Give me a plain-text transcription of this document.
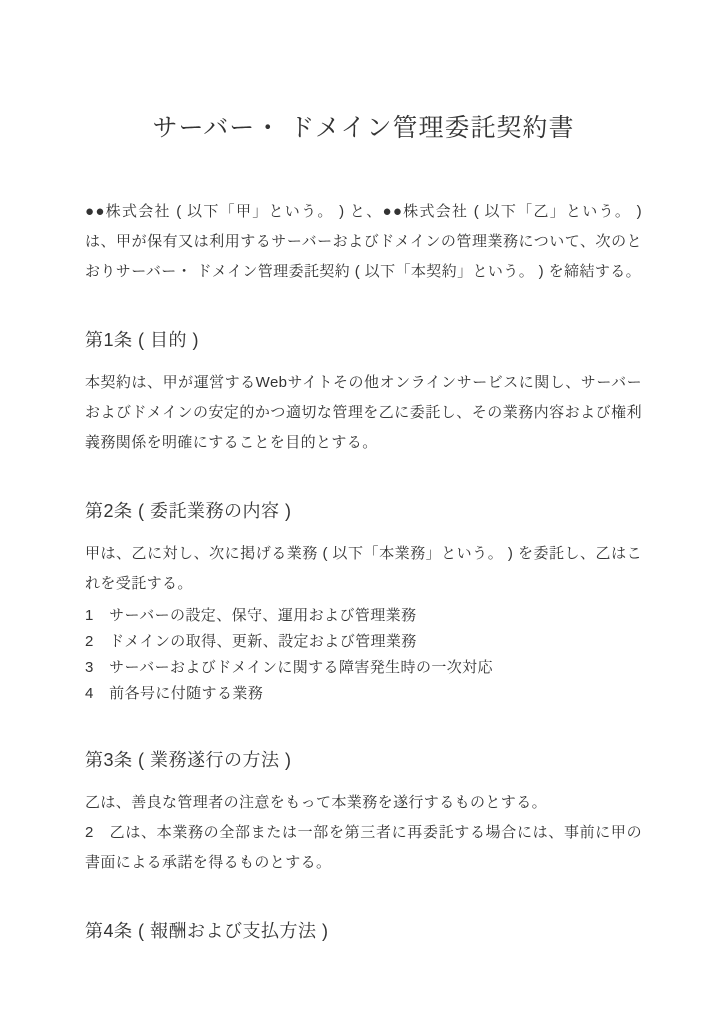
サーバー・ ドメイン管理委託契約書

●●株式会社 ( 以下「甲」という。 ) と、●●株式会社 ( 以下「乙」という。 ) は、甲が保有又は利用するサーバーおよびドメインの管理業務について、次のとおりサーバー・ ドメイン管理委託契約 ( 以下「本契約」という。 ) を締結する。

第1条 ( 目的 )

本契約は、甲が運営するWebサイトその他オンラインサービスに関し、サーバーおよびドメインの安定的かつ適切な管理を乙に委託し、その業務内容および権利義務関係を明確にすることを目的とする。

第2条 ( 委託業務の内容 )

甲は、乙に対し、次に掲げる業務 ( 以下「本業務」という。 ) を委託し、乙はこれを受託する。

1　サーバーの設定、保守、運用および管理業務
2　ドメインの取得、更新、設定および管理業務
3　サーバーおよびドメインに関する障害発生時の一次対応
4　前各号に付随する業務
第3条 ( 業務遂行の方法 )

乙は、善良な管理者の注意をもって本業務を遂行するものとする。

2　乙は、本業務の全部または一部を第三者に再委託する場合には、事前に甲の書面による承諾を得るものとする。

第4条 ( 報酬および支払方法 )
